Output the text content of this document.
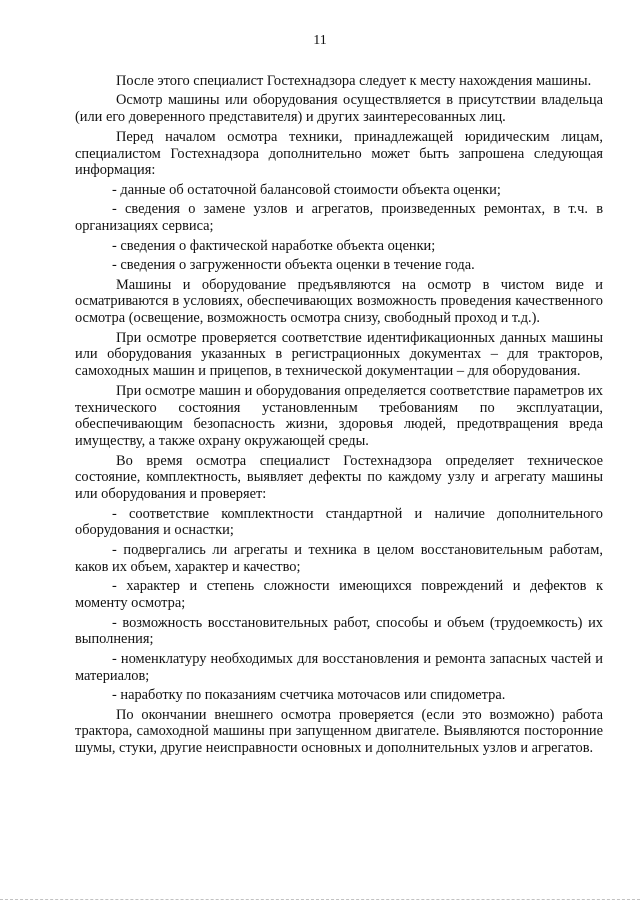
11

После этого специалист Гостехнадзора следует к месту нахождения машины.

Осмотр машины или оборудования осуществляется в присутствии владельца (или его доверенного представителя) и других заинтересованных лиц.

Перед началом осмотра техники, принадлежащей юридическим лицам, специалистом Гостехнадзора дополнительно может быть запрошена следующая информация:

- данные об остаточной балансовой стоимости объекта оценки;

- сведения о замене узлов и агрегатов, произведенных ремонтах, в т.ч. в организациях сервиса;

- сведения о фактической наработке объекта оценки;

- сведения о загруженности объекта оценки в течение года.

Машины и оборудование предъявляются на осмотр в чистом виде и осматриваются в условиях, обеспечивающих возможность проведения качественного осмотра (освещение, возможность осмотра снизу, свободный проход и т.д.).

При осмотре проверяется соответствие идентификационных данных машины или оборудования указанных в регистрационных документах – для тракторов, самоходных машин и прицепов, в технической документации – для оборудования.

При осмотре машин и оборудования определяется соответствие параметров их технического состояния установленным требованиям по эксплуатации, обеспечивающим безопасность жизни, здоровья людей, предотвращения вреда имуществу, а также охрану окружающей среды.

Во время осмотра специалист Гостехнадзора определяет техническое состояние, комплектность, выявляет дефекты по каждому узлу и агрегату машины или оборудования и проверяет:

- соответствие комплектности стандартной и наличие дополнительного оборудования и оснастки;

- подвергались ли агрегаты и техника в целом восстановительным работам, каков их объем, характер и качество;

- характер и степень сложности имеющихся повреждений и дефектов к моменту осмотра;

- возможность восстановительных работ, способы и объем (трудоемкость) их выполнения;

- номенклатуру необходимых для восстановления и ремонта запасных частей и материалов;

- наработку по показаниям счетчика моточасов или спидометра.

По окончании внешнего осмотра проверяется (если это возможно) работа трактора, самоходной машины при запущенном двигателе. Выявляются посторонние шумы, стуки, другие неисправности основных и дополнительных узлов и агрегатов.
